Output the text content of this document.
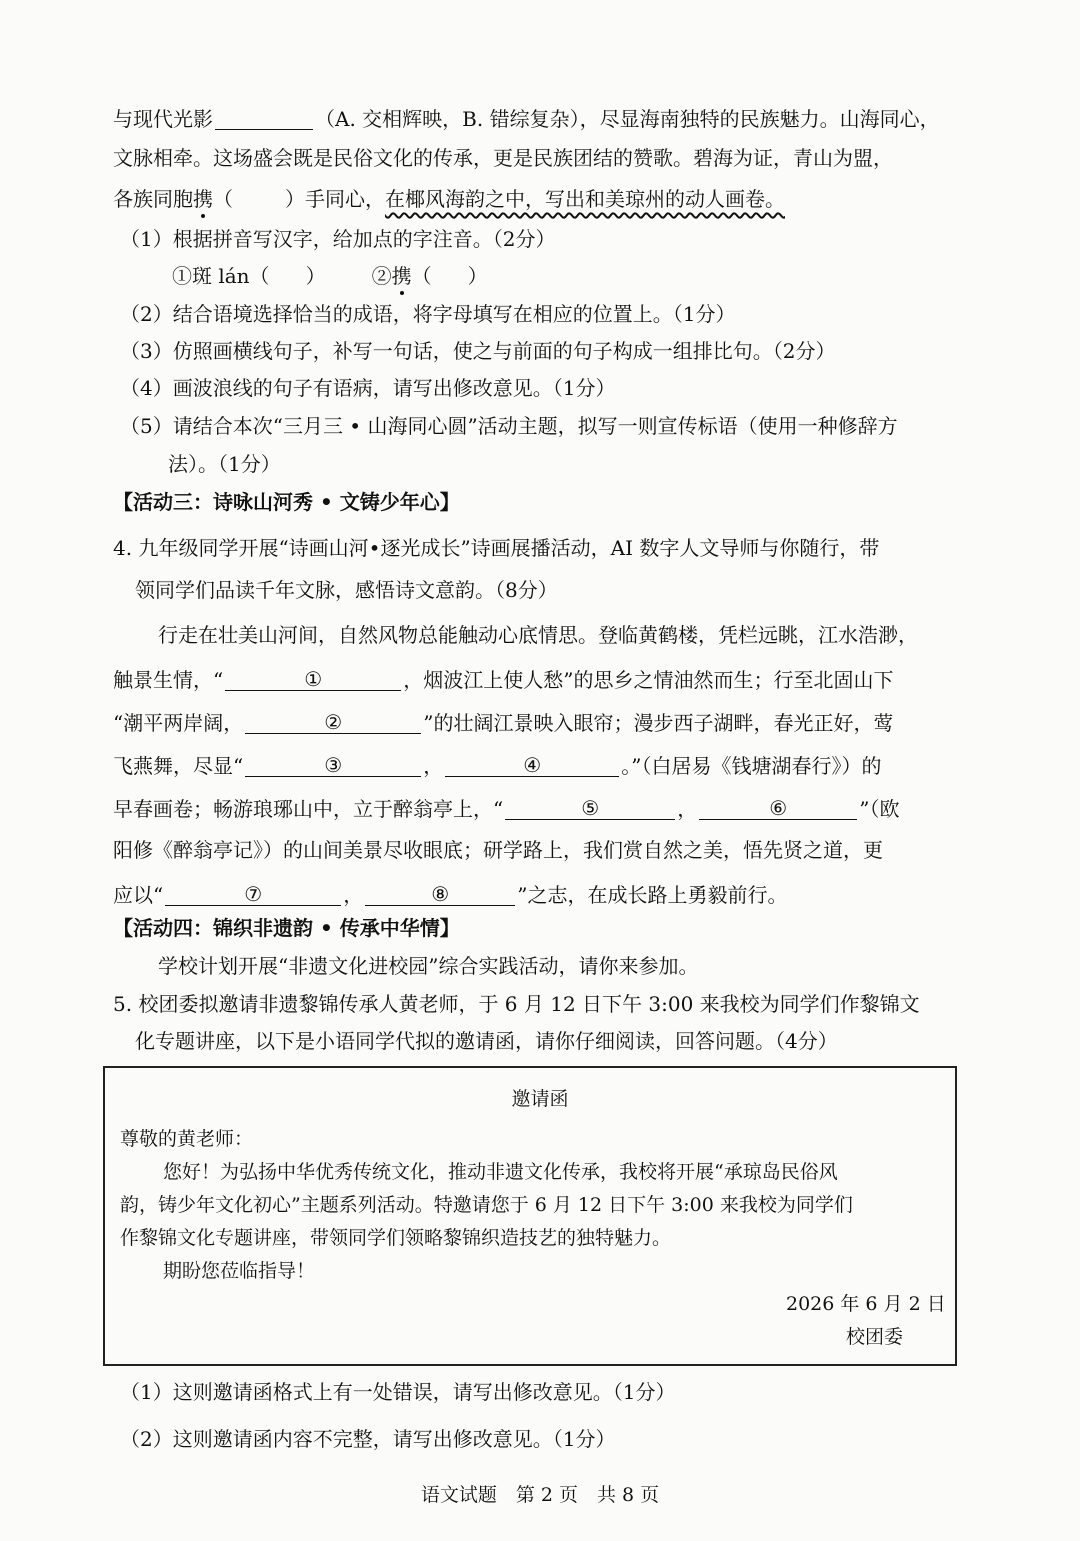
与现代光影	（A. 交相辉映，B. 错综复杂），尽显海南独特的民族魅力。山海同心，
文脉相牵。这场盛会既是民俗文化的传承，更是民族团结的赞歌。碧海为证，青山为盟，
各族同胞携（	）手同心，在椰风海韵之中，写出和美琼州的动人画卷。
（1）根据拼音写汉字，给加点的字注音。（2分）
①斑 lán（ ） ②携（ ）
（2）结合语境选择恰当的成语，将字母填写在相应的位置上。（1分）
（3）仿照画横线句子，补写一句话，使之与前面的句子构成一组排比句。（2分）
（4）画波浪线的句子有语病，请写出修改意见。（1分）
（5）请结合本次“三月三 • 山海同心圆”活动主题，拟写一则宣传标语（使用一种修辞方
法）。（1分）
【活动三：诗咏山河秀 • 文铸少年心】
4. 九年级同学开展“诗画山河•逐光成长”诗画展播活动，AI 数字人文导师与你随行，带
领同学们品读千年文脉，感悟诗文意韵。（8分）
行走在壮美山河间，自然风物总能触动心底情思。登临黄鹤楼，凭栏远眺，江水浩渺，
触景生情，“	①	，烟波江上使人愁”的思乡之情油然而生；行至北固山下
“潮平两岸阔，	②	”的壮阔江景映入眼帘；漫步西子湖畔，春光正好，莺
飞燕舞，尽显“	③	，	④	。”（白居易《钱塘湖春行》）的
早春画卷；畅游琅琊山中，立于醉翁亭上，“	⑤	，	⑥	”（欧
阳修《醉翁亭记》）的山间美景尽收眼底；研学路上，我们赏自然之美，悟先贤之道，更
应以“	⑦	，	⑧	”之志，在成长路上勇毅前行。
【活动四：锦织非遗韵 • 传承中华情】
学校计划开展“非遗文化进校园”综合实践活动，请你来参加。
5. 校团委拟邀请非遗黎锦传承人黄老师，于 6 月 12 日下午 3:00 来我校为同学们作黎锦文
化专题讲座，以下是小语同学代拟的邀请函，请你仔细阅读，回答问题。（4分）
邀请函
尊敬的黄老师：
您好！为弘扬中华优秀传统文化，推动非遗文化传承，我校将开展“承琼岛民俗风
韵，铸少年文化初心”主题系列活动。特邀请您于 6 月 12 日下午 3:00 来我校为同学们
作黎锦文化专题讲座，带领同学们领略黎锦织造技艺的独特魅力。
期盼您莅临指导！
2026 年 6 月 2 日
校团委
（1）这则邀请函格式上有一处错误，请写出修改意见。（1分）
（2）这则邀请函内容不完整，请写出修改意见。（1分）
语文试题　第 2 页　共 8 页
